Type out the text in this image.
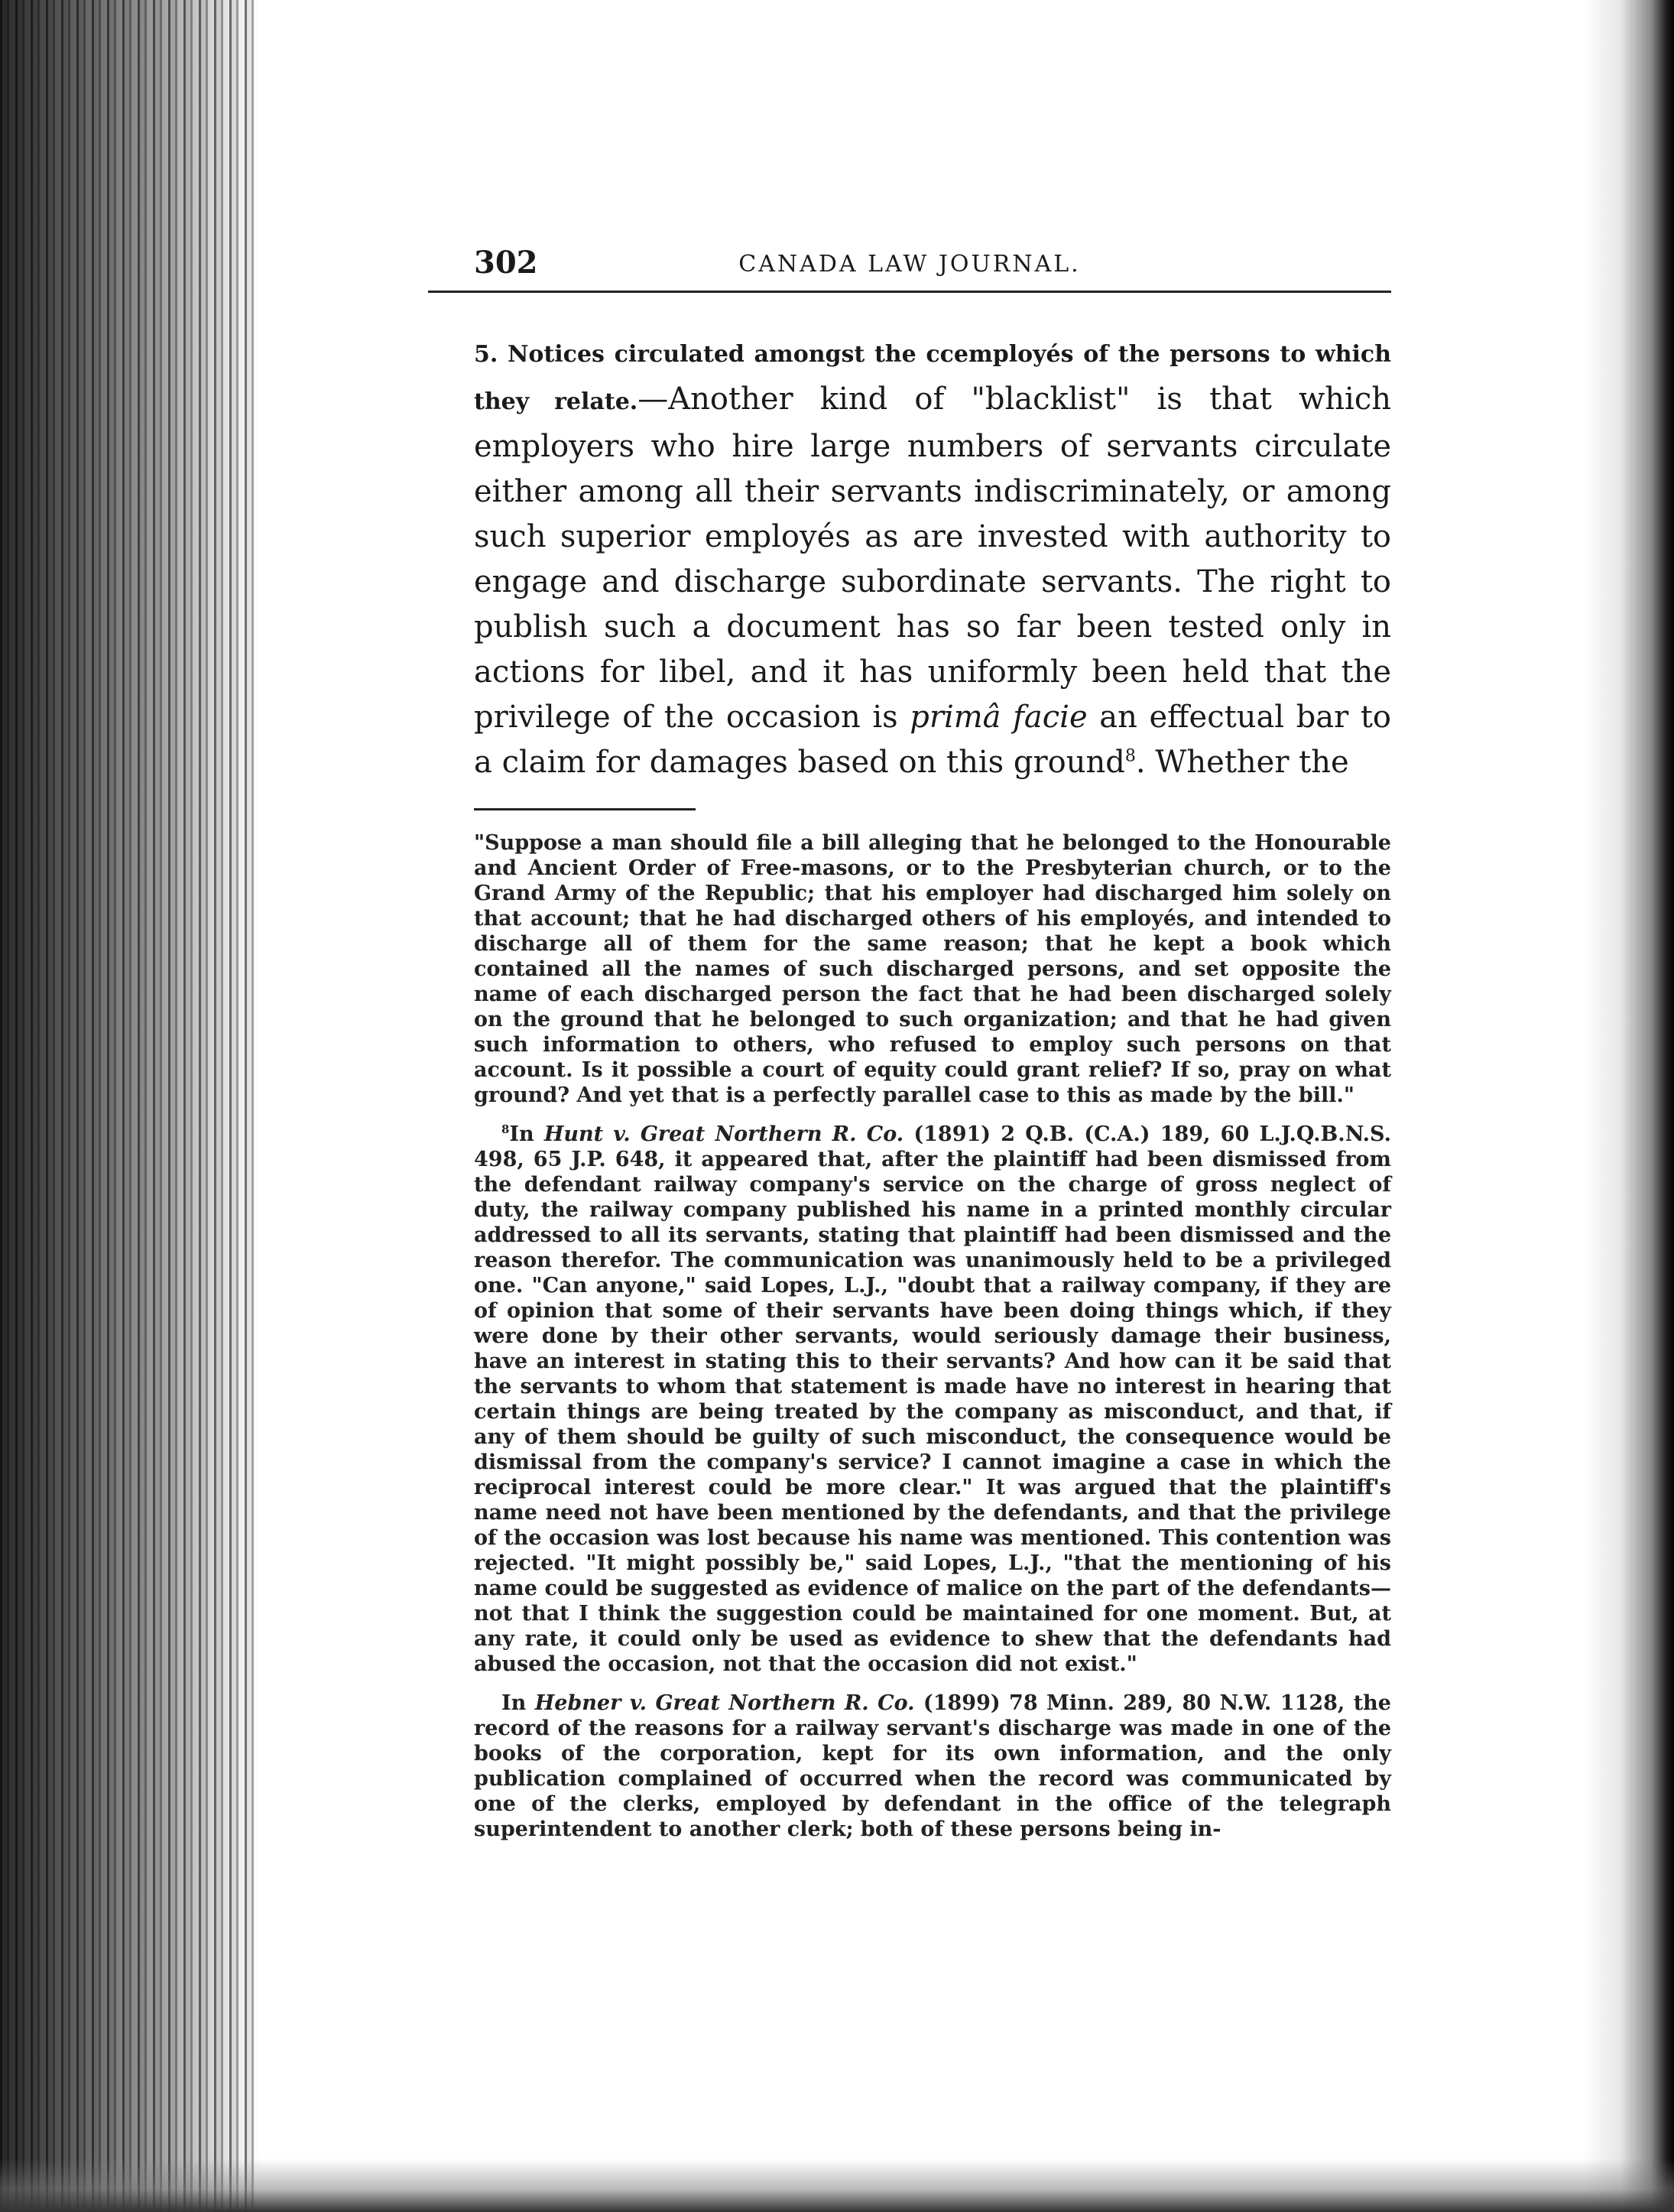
302	CANADA LAW JOURNAL.
5. Notices circulated amongst the ccemployés of the persons to which they relate.—Another kind of "blacklist" is that which employers who hire large numbers of servants circulate either among all their servants indiscriminately, or among such superior employés as are invested with authority to engage and discharge subordinate servants. The right to publish such a document has so far been tested only in actions for libel, and it has uniformly been held that the privilege of the occasion is primâ facie an effectual bar to a claim for damages based on this ground$^8$. Whether the

"Suppose a man should file a bill alleging that he belonged to the Honourable and Ancient Order of Free-masons, or to the Presbyterian church, or to the Grand Army of the Republic; that his employer had discharged him solely on that account; that he had discharged others of his employés, and intended to discharge all of them for the same reason; that he kept a book which contained all the names of such discharged persons, and set opposite the name of each discharged person the fact that he had been discharged solely on the ground that he belonged to such organization; and that he had given such information to others, who refused to employ such persons on that account. Is it possible a court of equity could grant relief? If so, pray on what ground? And yet that is a perfectly parallel case to this as made by the bill."

$^8$In Hunt v. Great Northern R. Co. (1891) 2 Q.B. (C.A.) 189, 60 L.J.Q.B.N.S. 498, 65 J.P. 648, it appeared that, after the plaintiff had been dismissed from the defendant railway company's service on the charge of gross neglect of duty, the railway company published his name in a printed monthly circular addressed to all its servants, stating that plaintiff had been dismissed and the reason therefor. The communication was unanimously held to be a privileged one. "Can anyone," said Lopes, L.J., "doubt that a railway company, if they are of opinion that some of their servants have been doing things which, if they were done by their other servants, would seriously damage their business, have an interest in stating this to their servants? And how can it be said that the servants to whom that statement is made have no interest in hearing that certain things are being treated by the company as misconduct, and that, if any of them should be guilty of such misconduct, the consequence would be dismissal from the company's service? I cannot imagine a case in which the reciprocal interest could be more clear." It was argued that the plaintiff's name need not have been mentioned by the defendants, and that the privilege of the occasion was lost because his name was mentioned. This contention was rejected. "It might possibly be," said Lopes, L.J., "that the mentioning of his name could be suggested as evidence of malice on the part of the defendants—not that I think the suggestion could be maintained for one moment. But, at any rate, it could only be used as evidence to shew that the defendants had abused the occasion, not that the occasion did not exist."

In Hebner v. Great Northern R. Co. (1899) 78 Minn. 289, 80 N.W. 1128, the record of the reasons for a railway servant's discharge was made in one of the books of the corporation, kept for its own information, and the only publication complained of occurred when the record was communicated by one of the clerks, employed by defendant in the office of the telegraph superintendent to another clerk; both of these persons being in-
